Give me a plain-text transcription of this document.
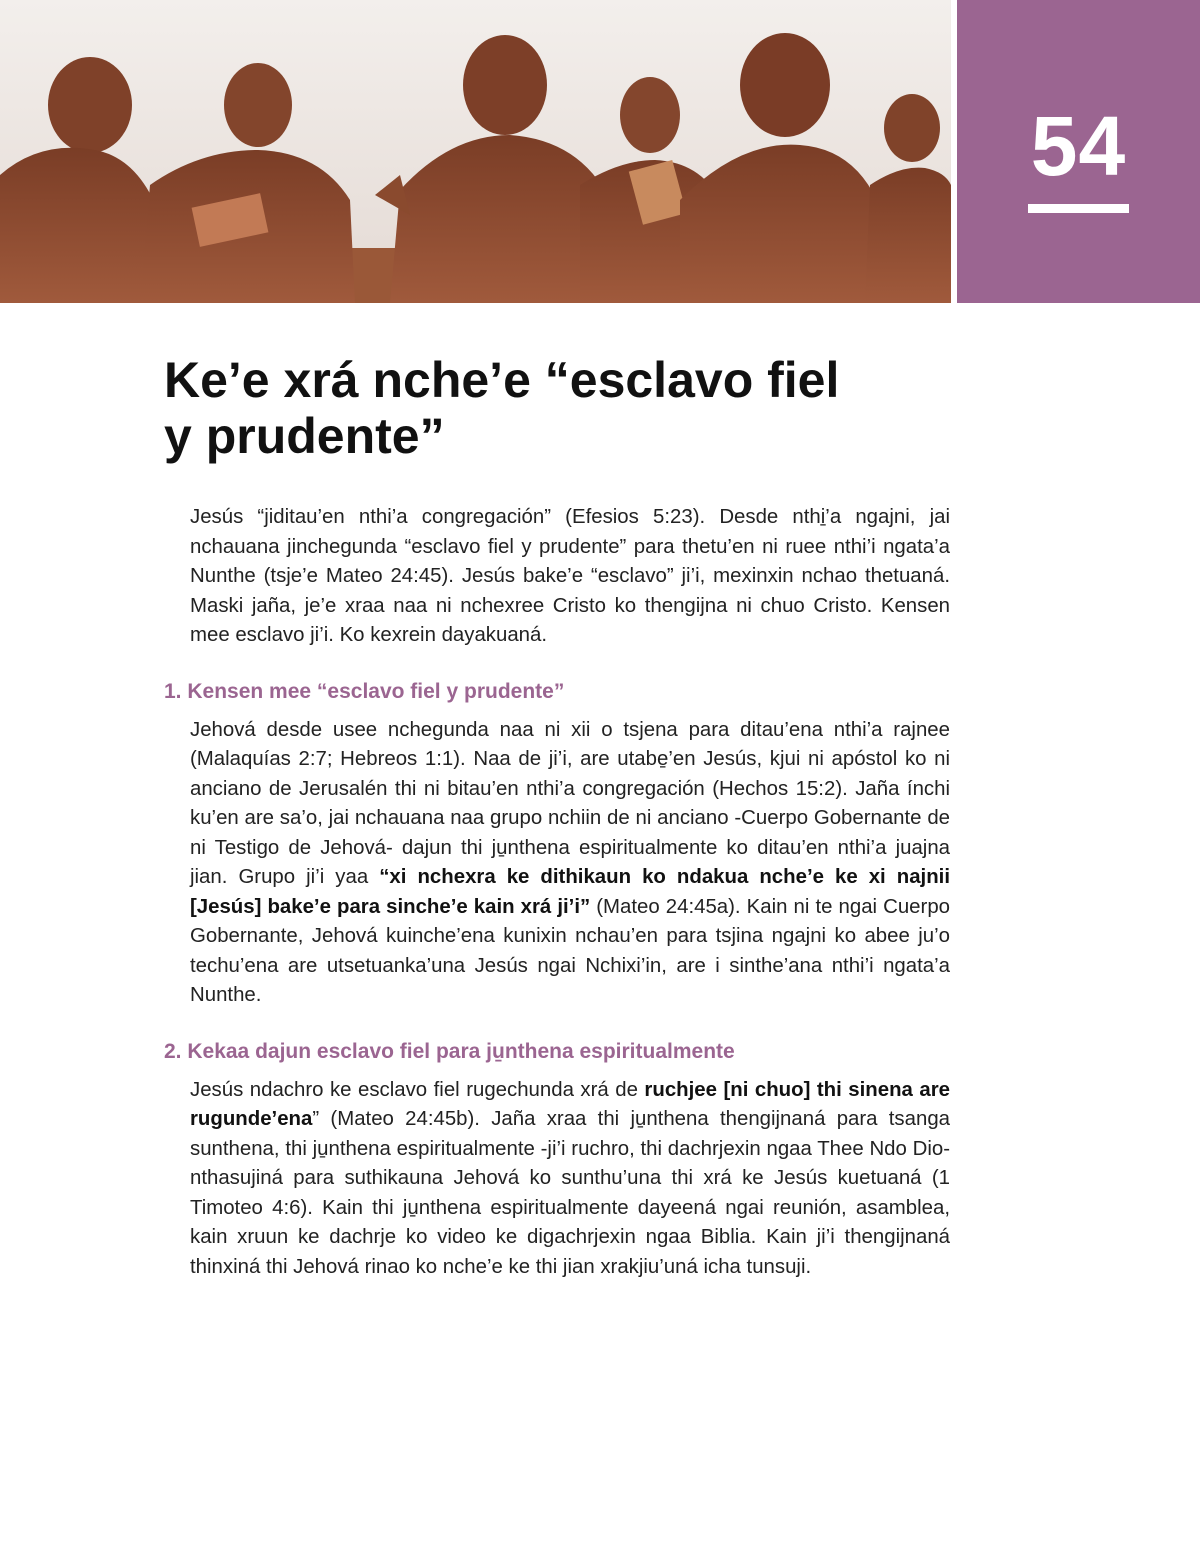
54
Ke’e xrá nche’e “esclavo fiel
y prudente”

Jesús “jiditau’en nthi’a congregación” (Efesios 5:23). Desde nthi̱’a ngajni, jai nchauana jinchegunda “esclavo fiel y prudente” para thetu’en ni ruee nthi’i ngata’a Nunthe (tsje’e Mateo 24:45). Jesús bake’e “esclavo” ji’i, mexinxin nchao thetuaná. Maski jaña, je’e xraa naa ni nchexree Cristo ko thengijna ni chuo Cristo. Kensen mee esclavo ji’i. Ko kexrein dayakuaná.

1. Kensen mee “esclavo fiel y prudente”

Jehová desde usee nchegunda naa ni xii o tsjena para ditau’ena nthi’a rajnee (Malaquías 2:7; Hebreos 1:1). Naa de ji’i, are utabe̱’en Jesús, kjui ni apóstol ko ni anciano de Jerusalén thi ni bitau’en nthi’a congregación (Hechos 15:2). Jaña ínchi ku’en are sa’o, jai nchauana naa grupo nchiin de ni anciano -Cuerpo Gobernante de ni Testigo de Jehová- dajun thi ju̱nthena espiritualmente ko ditau’en nthi’a juajna jian. Grupo ji’i yaa “xi nchexra ke dithikaun ko ndakua nche’e ke xi najnii [Jesús] bake’e para sinche’e kain xrá ji’i” (Mateo 24:45a). Kain ni te ngai Cuerpo Gobernante, Jehová kuinche’ena kunixin nchau’en para tsjina ngajni ko abee ju’o techu’ena are utsetuanka’una Jesús ngai Nchixi’in, are i sinthe’ana nthi’i ngata’a Nunthe.

2. Kekaa dajun esclavo fiel para ju̱nthena espiritualmente

Jesús ndachro ke esclavo fiel rugechunda xrá de ruchjee [ni chuo] thi sinena are rugunde’ena” (Mateo 24:45b). Jaña xraa thi ju̱nthena thengijnaná para tsanga sunthena, thi ju̱nthena espiritualmente -ji’i ruchro, thi dachrjexin ngaa Thee Ndo Dio- nthasujiná para suthikauna Jehová ko sunthu’una thi xrá ke Jesús kuetuaná (1 Timoteo 4:6). Kain thi ju̱nthena espiritualmente dayeená ngai reunión, asamblea, kain xruun ke dachrje ko video ke digachrjexin ngaa Biblia. Kain ji’i thengijnaná thinxiná thi Jehová rinao ko nche’e ke thi jian xrakjiu’uná icha tunsuji.
